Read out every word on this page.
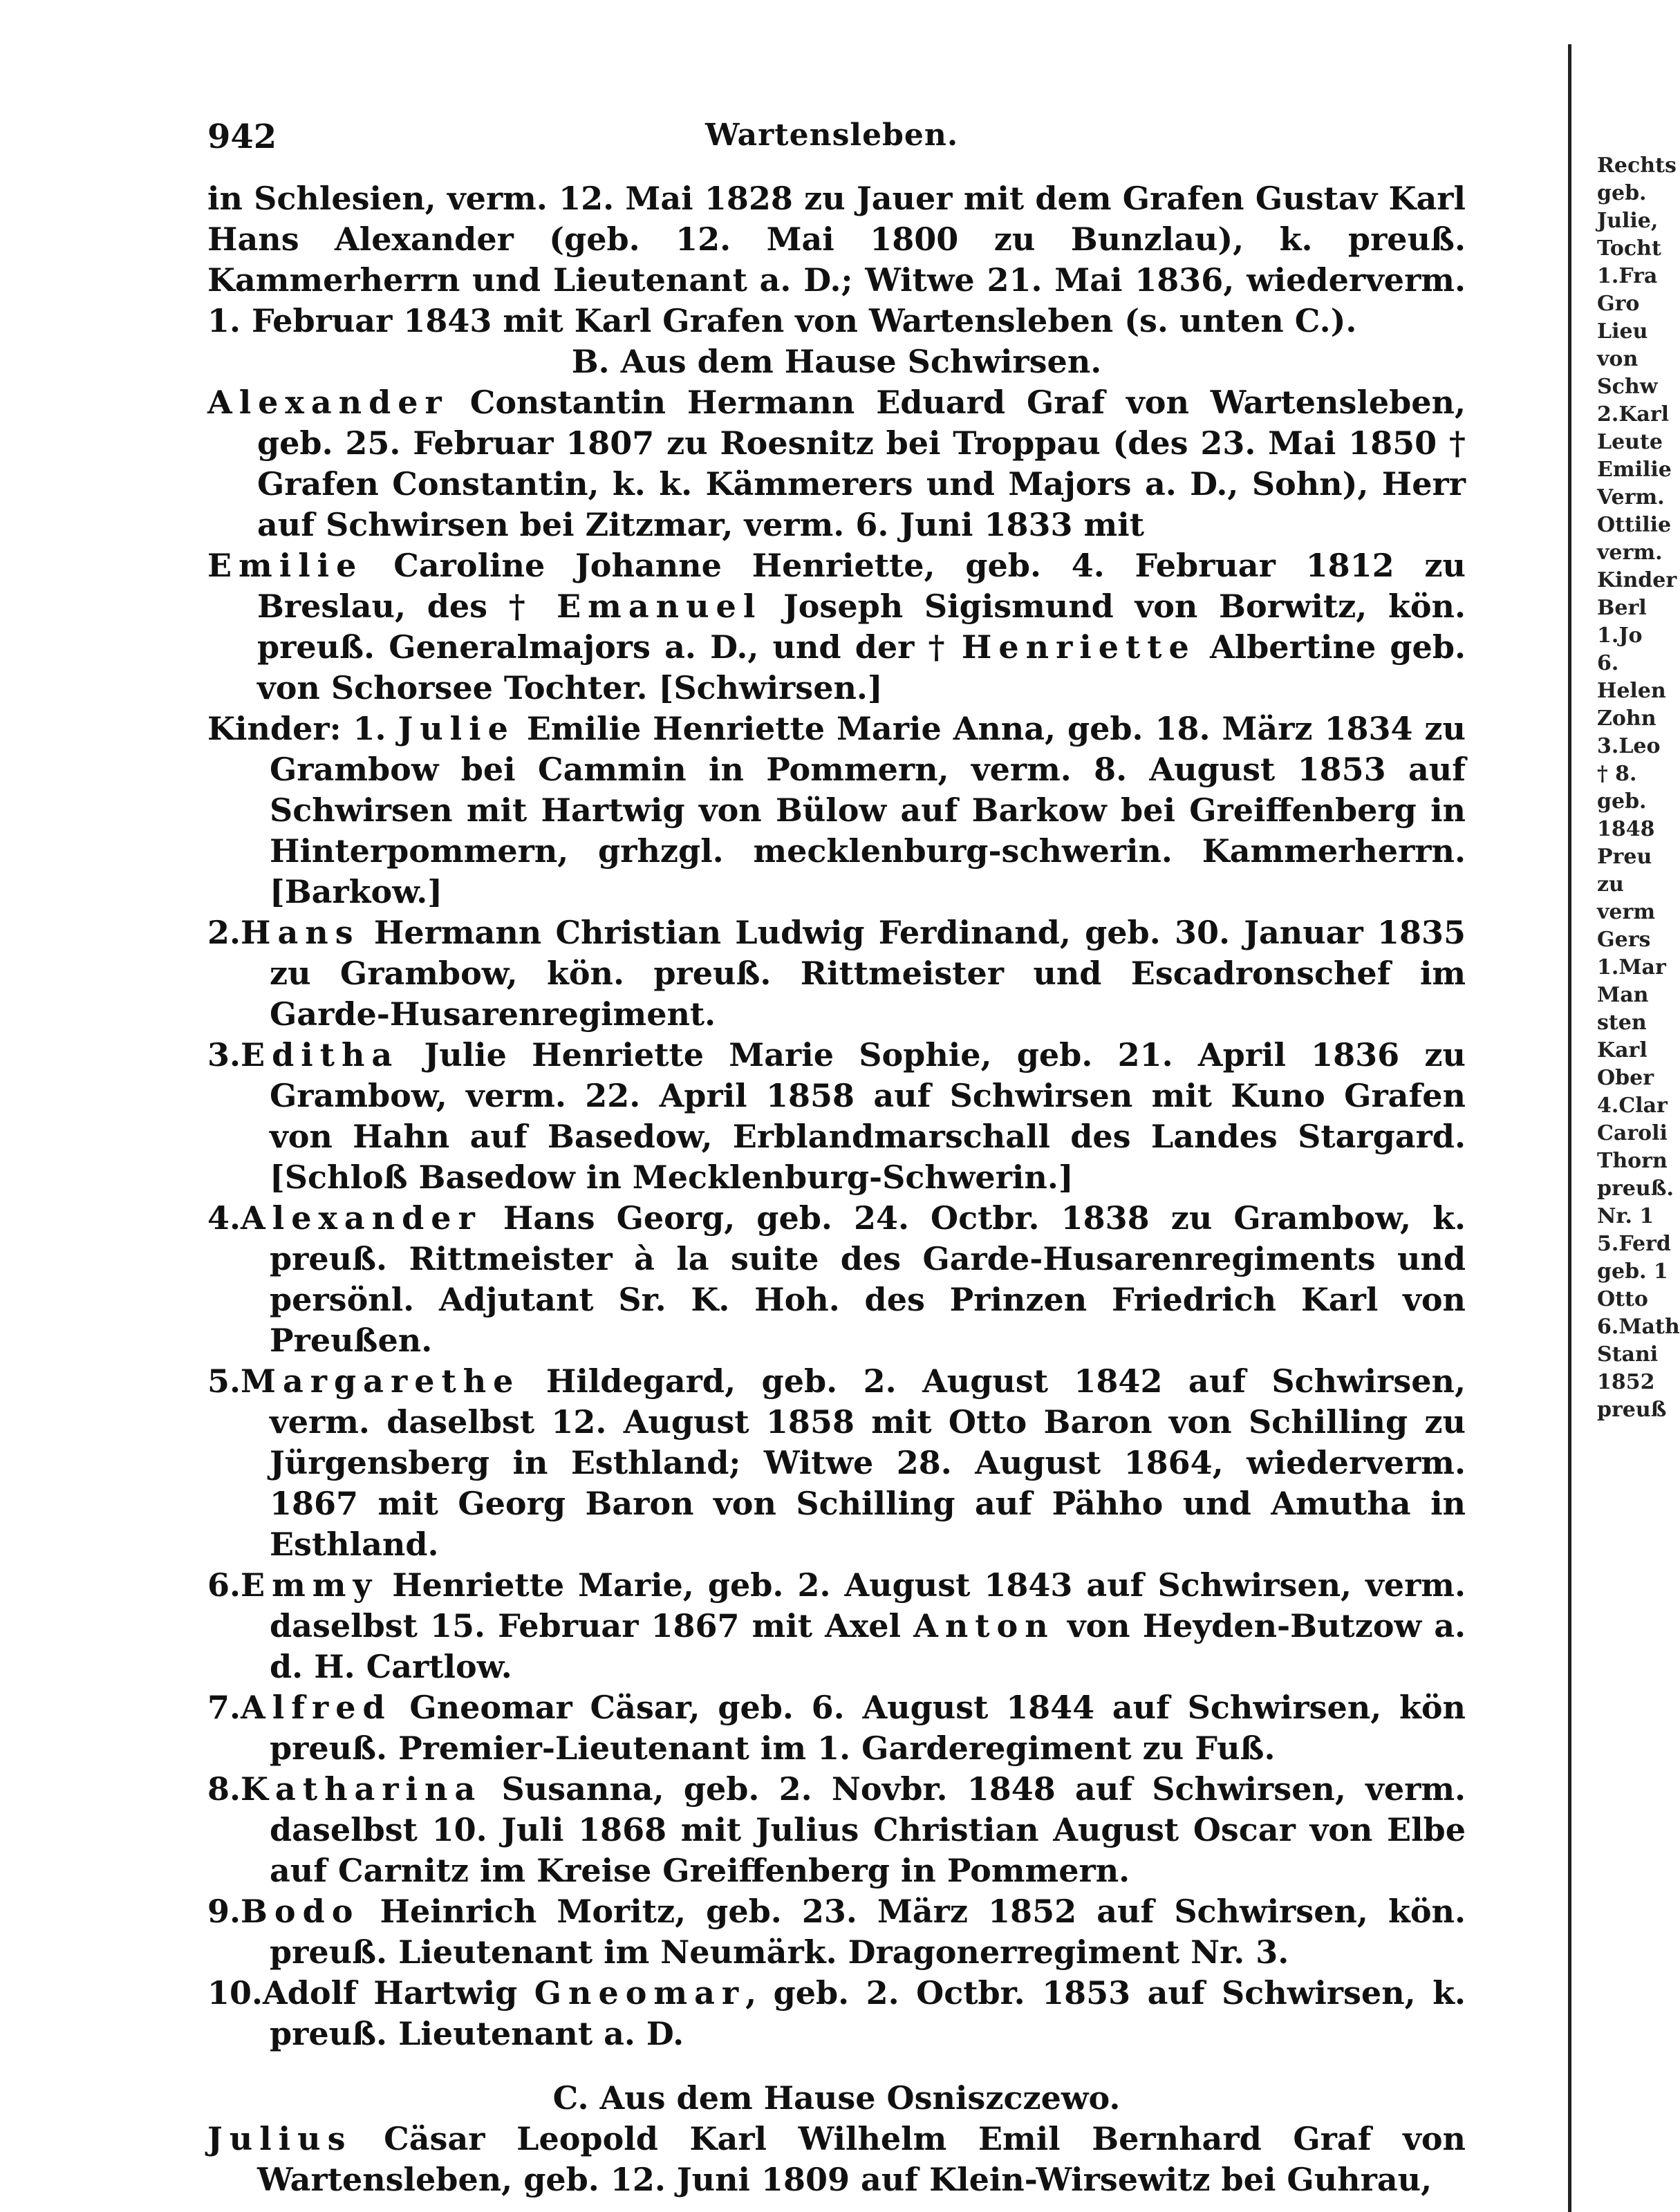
942	Wartensleben.

in Schlesien, verm. 12. Mai 1828 zu Jauer mit dem Grafen Gustav Karl Hans Alexander (geb. 12. Mai 1800 zu Bunzlau), k. preuß. Kammerherrn und Lieutenant a. D.; Witwe 21. Mai 1836, wiederverm. 1. Februar 1843 mit Karl Grafen von Wartensleben (s. unten C.).

B. Aus dem Hause Schwirsen.

Alexander Constantin Hermann Eduard Graf von Wartensleben, geb. 25. Februar 1807 zu Roesnitz bei Troppau (des 23. Mai 1850 † Grafen Constantin, k. k. Kämmerers und Majors a. D., Sohn), Herr auf Schwirsen bei Zitzmar, verm. 6. Juni 1833 mit

Emilie Caroline Johanne Henriette, geb. 4. Februar 1812 zu Breslau, des † Emanuel Joseph Sigismund von Borwitz, kön. preuß. Generalmajors a. D., und der † Henriette Albertine geb. von Schorsee Tochter. [Schwirsen.]

Kinder: 1. Julie Emilie Henriette Marie Anna, geb. 18. März 1834 zu Grambow bei Cammin in Pommern, verm. 8. August 1853 auf Schwirsen mit Hartwig von Bülow auf Barkow bei Greiffenberg in Hinterpommern, grhzgl. mecklenburg-schwerin. Kammerherrn. [Barkow.]

2.Hans Hermann Christian Ludwig Ferdinand, geb. 30. Januar 1835 zu Grambow, kön. preuß. Rittmeister und Escadronschef im Garde-Husarenregiment.

3.Editha Julie Henriette Marie Sophie, geb. 21. April 1836 zu Grambow, verm. 22. April 1858 auf Schwirsen mit Kuno Grafen von Hahn auf Basedow, Erblandmarschall des Landes Stargard. [Schloß Basedow in Mecklenburg-Schwerin.]

4.Alexander Hans Georg, geb. 24. Octbr. 1838 zu Grambow, k. preuß. Rittmeister à la suite des Garde-Husarenregiments und persönl. Adjutant Sr. K. Hoh. des Prinzen Friedrich Karl von Preußen.

5.Margarethe Hildegard, geb. 2. August 1842 auf Schwirsen, verm. daselbst 12. August 1858 mit Otto Baron von Schilling zu Jürgensberg in Esthland; Witwe 28. August 1864, wiederverm. 1867 mit Georg Baron von Schilling auf Pähho und Amutha in Esthland.

6.Emmy Henriette Marie, geb. 2. August 1843 auf Schwirsen, verm. daselbst 15. Februar 1867 mit Axel Anton von Heyden-Butzow a. d. H. Cartlow.

7.Alfred Gneomar Cäsar, geb. 6. August 1844 auf Schwirsen, kön preuß. Premier-Lieutenant im 1. Garderegiment zu Fuß.

8.Katharina Susanna, geb. 2. Novbr. 1848 auf Schwirsen, verm. daselbst 10. Juli 1868 mit Julius Christian August Oscar von Elbe auf Carnitz im Kreise Greiffenberg in Pommern.

9.Bodo Heinrich Moritz, geb. 23. März 1852 auf Schwirsen, kön. preuß. Lieutenant im Neumärk. Dragonerregiment Nr. 3.

10.Adolf Hartwig Gneomar, geb. 2. Octbr. 1853 auf Schwirsen, k. preuß. Lieutenant a. D.

C. Aus dem Hause Osniszczewo.

Julius Cäsar Leopold Karl Wilhelm Emil Bernhard Graf von Wartensleben, geb. 12. Juni 1809 auf Klein-Wirsewitz bei Guhrau,

Rechts

geb.

Julie,

Tocht

1.Fra

Gro

Lieu

von

Schw

2.Karl

Leute

Emilie

Verm.

Ottilie

verm.

Kinder

Berl

1.Jo

6.

Helen

Zohn

3.Leo

† 8.

geb.

1848

Preu

zu

verm

Gers

1.Mar

Man

sten

Karl

Ober

4.Clar

Caroli

Thorn

preuß.

Nr. 1

5.Ferd

geb. 1

Otto

6.Math

Stani

1852

preuß
